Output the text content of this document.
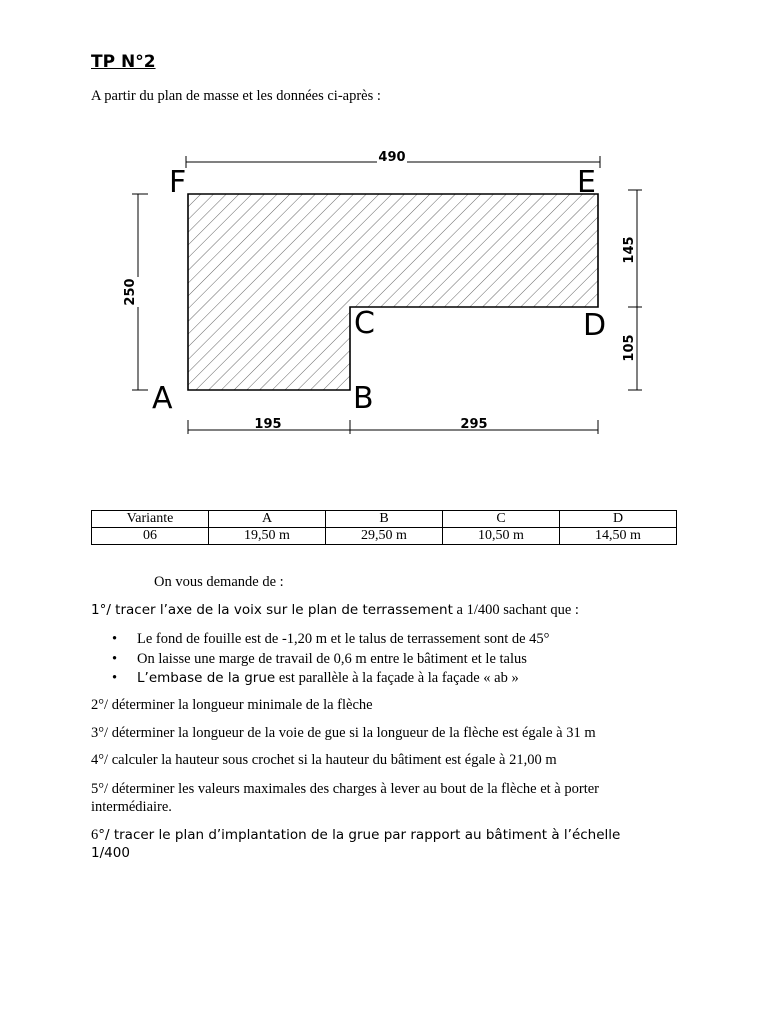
TP N°2
A partir du plan de masse et les données ci-après :
490
250
145
105
195	295
F	E
C	D
A	B
Variante	A	B	C	D
06	19,50 m	29,50 m	10,50 m	14,50 m
On vous demande de :
1°/ tracer l’axe de la voix sur le plan de terrassement a 1/400 sachant que :
• Le fond de fouille est de -1,20 m et le talus de terrassement sont de 45°
• On laisse une marge de travail de 0,6 m entre le bâtiment et le talus
• L’embase de la grue est parallèle à la façade à la façade « ab »
2°/ déterminer la longueur minimale de la flèche
3°/ déterminer la longueur de la voie de gue si la longueur de la flèche est égale à 31 m
4°/ calculer la hauteur sous crochet si la hauteur du bâtiment est égale à 21,00 m
5°/ déterminer les valeurs maximales des charges à lever au bout de la flèche et à porter intermédiaire.
6°/ tracer le plan d’implantation de la grue par rapport au bâtiment à l’échelle 1/400
